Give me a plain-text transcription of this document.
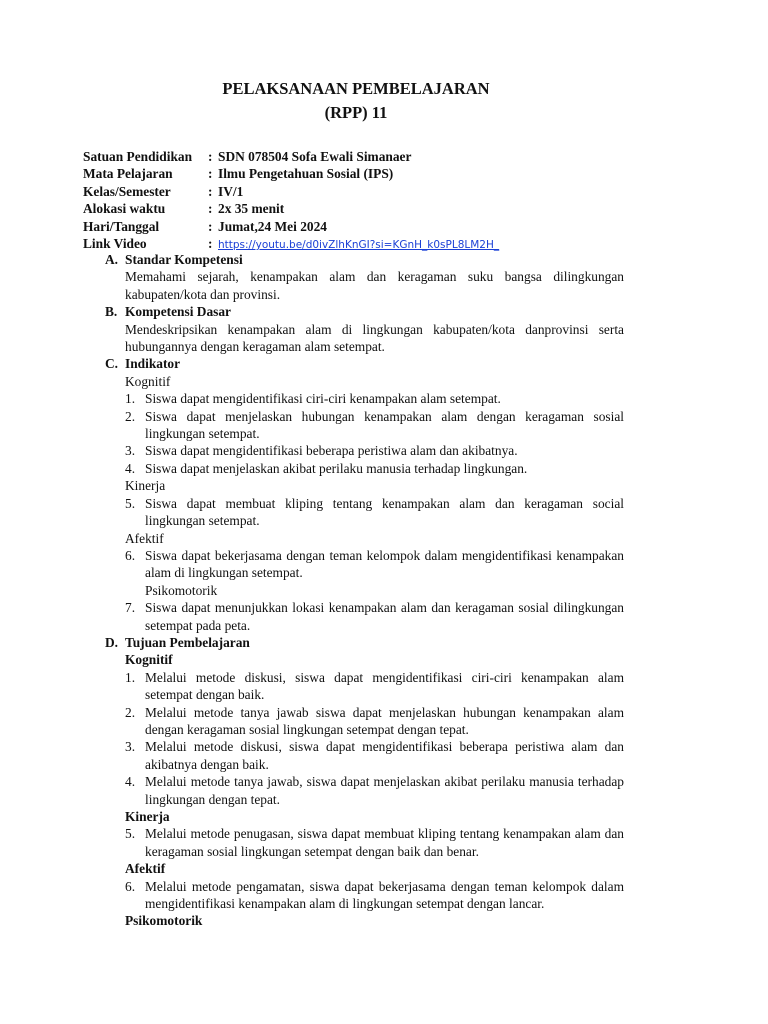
PELAKSANAAN PEMBELAJARAN
(RPP) 11
Satuan Pendidikan : SDN 078504 Sofa Ewali Simanaer
Mata Pelajaran	: Ilmu Pengetahuan Sosial (IPS)
Kelas/Semester	: IV/1
Alokasi waktu	: 2x 35 menit
Hari/Tanggal	: Jumat,24 Mei 2024
Link Video	: https://youtu.be/d0ivZlhKnGI?si=KGnH_k0sPL8LM2H_
A. Standar Kompetensi
Memahami sejarah, kenampakan alam dan keragaman suku bangsa dilingkungan kabupaten/kota dan provinsi.
B. Kompetensi Dasar
Mendeskripsikan kenampakan alam di lingkungan kabupaten/kota danprovinsi serta hubungannya dengan keragaman alam setempat.
C. Indikator
Kognitif
1. Siswa dapat mengidentifikasi ciri-ciri kenampakan alam setempat.
2. Siswa dapat menjelaskan hubungan kenampakan alam dengan keragaman sosial lingkungan setempat.
3. Siswa dapat mengidentifikasi beberapa peristiwa alam dan akibatnya.
4. Siswa dapat menjelaskan akibat perilaku manusia terhadap lingkungan.
Kinerja
5. Siswa dapat membuat kliping tentang kenampakan alam dan keragaman social lingkungan setempat.
Afektif
6. Siswa dapat bekerjasama dengan teman kelompok dalam mengidentifikasi kenampakan alam di lingkungan setempat.
Psikomotorik
7. Siswa dapat menunjukkan lokasi kenampakan alam dan keragaman sosial dilingkungan setempat pada peta.
D. Tujuan Pembelajaran
Kognitif
1. Melalui metode diskusi, siswa dapat mengidentifikasi ciri-ciri kenampakan alam setempat dengan baik.
2. Melalui metode tanya jawab siswa dapat menjelaskan hubungan kenampakan alam dengan keragaman sosial lingkungan setempat dengan tepat.
3. Melalui metode diskusi, siswa dapat mengidentifikasi beberapa peristiwa alam dan akibatnya dengan baik.
4. Melalui metode tanya jawab, siswa dapat menjelaskan akibat perilaku manusia terhadap lingkungan dengan tepat.
Kinerja
5. Melalui metode penugasan, siswa dapat membuat kliping tentang kenampakan alam dan keragaman sosial lingkungan setempat dengan baik dan benar.
Afektif
6. Melalui metode pengamatan, siswa dapat bekerjasama dengan teman kelompok dalam mengidentifikasi kenampakan alam di lingkungan setempat dengan lancar.
Psikomotorik
